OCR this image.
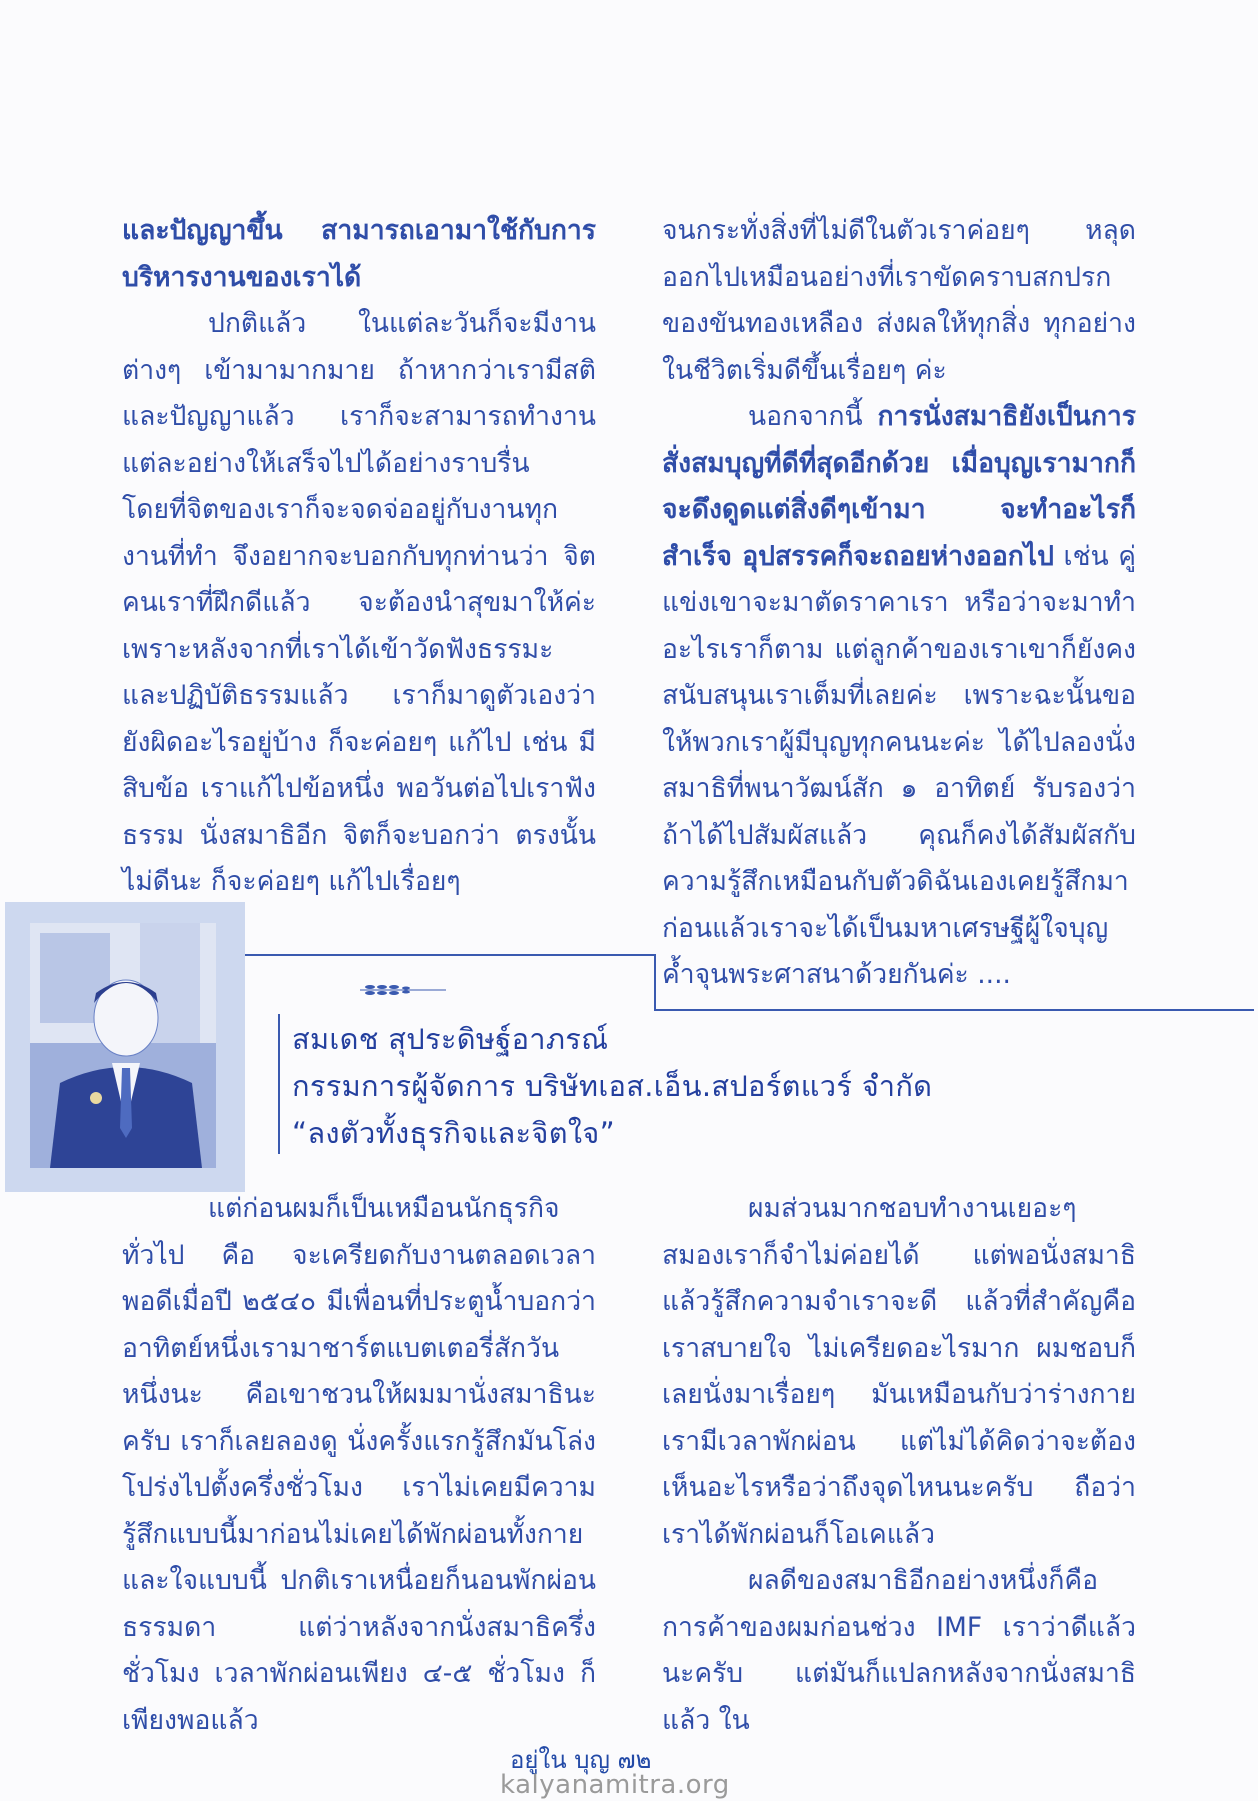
และปัญญาขึ้น สามารถเอามาใช้กับการบริหารงานของเราได้

ปกติแล้ว ในแต่ละวันก็จะมีงานต่างๆ เข้ามามากมาย ถ้าหากว่าเรามีสติและปัญญาแล้ว เราก็จะสามารถทำงานแต่ละอย่างให้เสร็จไปได้อย่างราบรื่น โดยที่จิตของเราก็จะจดจ่ออยู่กับงานทุกงานที่ทำ จึงอยากจะบอกกับทุกท่านว่า จิตคนเราที่ฝึกดีแล้ว จะต้องนำสุขมาให้ค่ะ เพราะหลังจากที่เราได้เข้าวัดฟังธรรมะ และปฏิบัติธรรมแล้ว เราก็มาดูตัวเองว่า ยังผิดอะไรอยู่บ้าง ก็จะค่อยๆ แก้ไป เช่น มีสิบข้อ เราแก้ไปข้อหนึ่ง พอวันต่อไปเราฟังธรรม นั่งสมาธิอีก จิตก็จะบอกว่า ตรงนั้นไม่ดีนะ ก็จะค่อยๆ แก้ไปเรื่อยๆ

จนกระทั่งสิ่งที่ไม่ดีในตัวเราค่อยๆ หลุดออกไปเหมือนอย่างที่เราขัดคราบสกปรกของขันทองเหลือง ส่งผลให้ทุกสิ่ง ทุกอย่างในชีวิตเริ่มดีขึ้นเรื่อยๆ ค่ะ

นอกจากนี้ การนั่งสมาธิยังเป็นการสั่งสมบุญที่ดีที่สุดอีกด้วย เมื่อบุญเรามากก็จะดึงดูดแต่สิ่งดีๆเข้ามา จะทำอะไรก็สำเร็จ อุปสรรคก็จะถอยห่างออกไป เช่น คู่แข่งเขาจะมาตัดราคาเรา หรือว่าจะมาทำอะไรเราก็ตาม แต่ลูกค้าของเราเขาก็ยังคงสนับสนุนเราเต็มที่เลยค่ะ เพราะฉะนั้นขอให้พวกเราผู้มีบุญทุกคนนะค่ะ ได้ไปลองนั่งสมาธิที่พนาวัฒน์สัก ๑ อาทิตย์ รับรองว่าถ้าได้ไปสัมผัสแล้ว คุณก็คงได้สัมผัสกับความรู้สึกเหมือนกับตัวดิฉันเองเคยรู้สึกมาก่อนแล้วเราจะได้เป็นมหาเศรษฐีผู้ใจบุญค้ำจุนพระศาสนาด้วยกันค่ะ ....

สมเดช สุประดิษฐ์อาภรณ์
กรรมการผู้จัดการ บริษัทเอส.เอ็น.สปอร์ตแวร์ จำกัด
“ลงตัวทั้งธุรกิจและจิตใจ”

แต่ก่อนผมก็เป็นเหมือนนักธุรกิจทั่วไป คือ จะเครียดกับงานตลอดเวลา พอดีเมื่อปี ๒๕๔๐ มีเพื่อนที่ประตูน้ำบอกว่า อาทิตย์หนึ่งเรามาชาร์ตแบตเตอรี่สักวันหนึ่งนะ คือเขาชวนให้ผมมานั่งสมาธินะครับ เราก็เลยลองดู นั่งครั้งแรกรู้สึกมันโล่งโปร่งไปตั้งครึ่งชั่วโมง เราไม่เคยมีความรู้สึกแบบนี้มาก่อนไม่เคยได้พักผ่อนทั้งกายและใจแบบนี้ ปกติเราเหนื่อยก็นอนพักผ่อนธรรมดา แต่ว่าหลังจากนั่งสมาธิครึ่งชั่วโมง เวลาพักผ่อนเพียง ๔-๕ ชั่วโมง ก็เพียงพอแล้ว

ผมส่วนมากชอบทำงานเยอะๆ สมองเราก็จำไม่ค่อยได้ แต่พอนั่งสมาธิแล้วรู้สึกความจำเราจะดี แล้วที่สำคัญคือ เราสบายใจ ไม่เครียดอะไรมาก ผมชอบก็เลยนั่งมาเรื่อยๆ มันเหมือนกับว่าร่างกายเรามีเวลาพักผ่อน แต่ไม่ได้คิดว่าจะต้องเห็นอะไรหรือว่าถึงจุดไหนนะครับ ถือว่าเราได้พักผ่อนก็โอเคแล้ว

ผลดีของสมาธิอีกอย่างหนึ่งก็คือการค้าของผมก่อนช่วง IMF เราว่าดีแล้วนะครับ แต่มันก็แปลกหลังจากนั่งสมาธิแล้ว ใน

อยู่ใน บุญ ๗๒
kalyanamitra.org
